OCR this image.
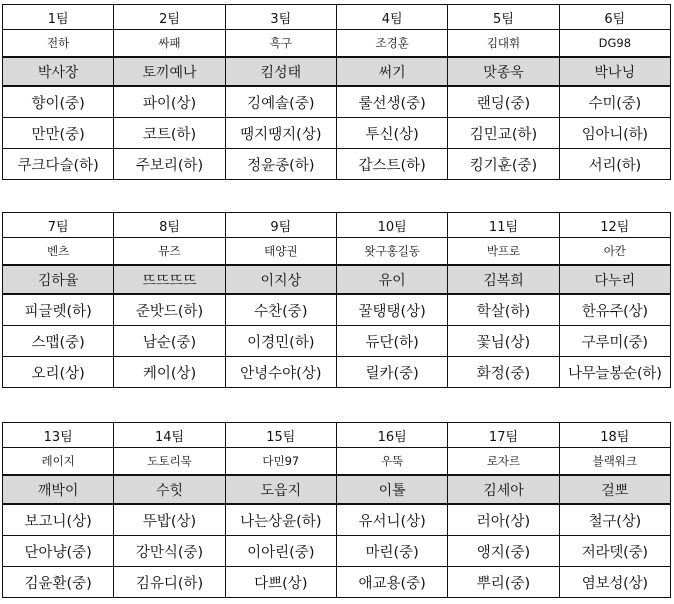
1팀	2팀	3팀	4팀	5팀	6팀
전하	싸패	흑구	조경훈	김대휘	DG98
박사장	토끼예나	킴성태	써기	맛종욱	박나닝
향이(중)	파이(상)	깅예솔(중)	룰선생(중)	랜딩(중)	수미(중)
만만(중)	코트(하)	땡지땡지(상)	투신(상)	김민교(하)	임아니(하)
쿠크다슬(하)	주보리(하)	정윤종(하)	갑스트(하)	킹기훈(중)	서리(하)
7팀	8팀	9팀	10팀	11팀	12팀
벤츠	뮤즈	태양권	왓구홍길동	박프로	아칸
김하율	뜨뜨뜨뜨	이지상	유이	김복희	다누리
피글렛(하)	준밧드(하)	수찬(중)	꿀탱탱(상)	학살(하)	한유주(상)
스맵(중)	남순(중)	이경민(하)	듀단(하)	꽃님(상)	구루미(중)
오리(상)	케이(상)	안녕수야(상)	릴카(중)	화정(중)	나무늘봉순(하)
13팀	14팀	15팀	16팀	17팀	18팀
레이지	도토리묵	다민97	우뚝	로자르	블랙워크
깨박이	수힛	도읍지	이톨	김세아	걸뽀
보고니(상)	뚜밥(상)	나는상윤(하)	유서니(상)	러아(상)	철구(상)
단아냥(중)	강만식(중)	이아린(중)	마린(중)	앵지(중)	저라뎃(중)
김윤환(중)	김유디(하)	다쁘(상)	애교용(중)	뿌리(중)	염보성(상)
